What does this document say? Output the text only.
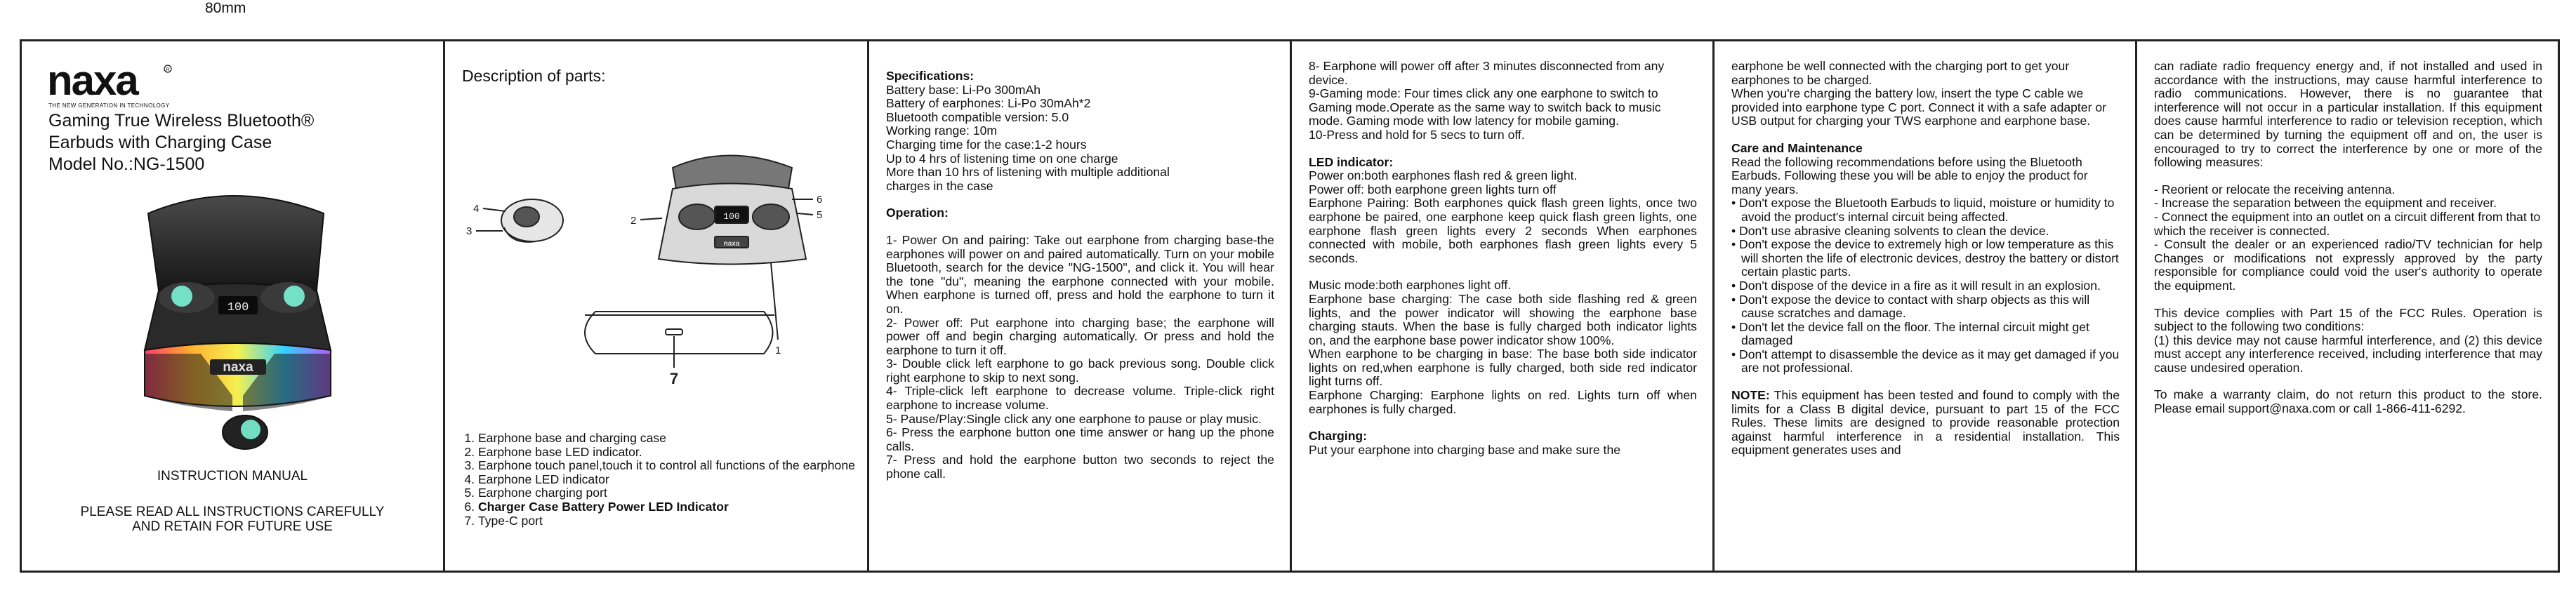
80mm
naxa	R
THE NEW GENERATION IN TECHNOLOGY
Gaming True Wireless Bluetooth®
Earbuds with Charging Case
Model No.:NG-1500
100
naxa
INSTRUCTION MANUAL
PLEASE READ ALL INSTRUCTIONS CAREFULLY
AND RETAIN FOR FUTURE USE
Description of parts:
100
naxa
1
2
3
4
5
6
7
1. Earphone base and charging case
2. Earphone base LED indicator.
3. Earphone touch panel,touch it to control all functions of the earphone
4. Earphone LED indicator
5. Earphone charging port
6. Charger Case Battery Power LED Indicator
7. Type-C port

Specifications:

Battery base: Li-Po 300mAh

Battery of earphones: Li-Po 30mAh*2

Bluetooth compatible version: 5.0

Working range: 10m

Charging time for the case:1-2 hours

Up to 4 hrs of listening time on one charge

More than 10 hrs of listening with multiple additional

charges in the case

Operation:

1- Power On and pairing: Take out earphone from charging base-the earphones will power on and paired automatically. Turn on your mobile Bluetooth, search for the device "NG-1500", and click it. You will hear the tone "du", meaning the earphone connected with your mobile. When earphone is turned off, press and hold the earphone to turn it on.

2- Power off: Put earphone into charging base; the earphone will power off and begin charging automatically. Or press and hold the earphone to turn it off.

3- Double click left earphone to go back previous song. Double click right earphone to skip to next song.

4- Triple-click left earphone to decrease volume. Triple-click right earphone to increase volume.

5- Pause/Play:Single click any one earphone to pause or play music.

6- Press the earphone button one time answer or hang up the phone calls.

7- Press and hold the earphone button two seconds to reject the phone call.

8- Earphone will power off after 3 minutes disconnected from any device.

9-Gaming mode: Four times click any one earphone to switch to Gaming mode.Operate as the same way to switch back to music mode. Gaming mode with low latency for mobile gaming.

10-Press and hold for 5 secs to turn off.

LED indicator:

Power on:both earphones flash red & green light.

Power off: both earphone green lights turn off

Earphone Pairing: Both earphones quick flash green lights, once two earphone be paired, one earphone keep quick flash green lights, one earphone flash green lights every 2 seconds When earphones connected with mobile, both earphones flash green lights every 5 seconds.

Music mode:both earphones light off.

Earphone base charging: The case both side flashing red & green lights, and the power indicator will showing the earphone base charging stauts. When the base is fully charged both indicator lights on, and the earphone base power indicator show 100%.

When earphone to be charging in base: The base both side indicator lights on red,when earphone is fully charged, both side red indicator light turns off.

Earphone Charging: Earphone lights on red. Lights turn off when earphones is fully charged.

Charging:

Put your earphone into charging base and make sure the

earphone be well connected with the charging port to get your earphones to be charged.

When you're charging the battery low, insert the type C cable we provided into earphone type C port. Connect it with a safe adapter or USB output for charging your TWS earphone and earphone base.

Care and Maintenance

Read the following recommendations before using the Bluetooth Earbuds. Following these you will be able to enjoy the product for many years.

• Don't expose the Bluetooth Earbuds to liquid, moisture or humidity to avoid the product's internal circuit being affected.

• Don't use abrasive cleaning solvents to clean the device.

• Don't expose the device to extremely high or low temperature as this will shorten the life of electronic devices, destroy the battery or distort certain plastic parts.

• Don't dispose of the device in a fire as it will result in an explosion.

• Don't expose the device to contact with sharp objects as this will cause scratches and damage.

• Don't let the device fall on the floor. The internal circuit might get damaged

• Don't attempt to disassemble the device as it may get damaged if you are not professional.

NOTE: This equipment has been tested and found to comply with the limits for a Class B digital device, pursuant to part 15 of the FCC Rules. These limits are designed to provide reasonable protection against harmful interference in a residential installation. This equipment generates uses and

can radiate radio frequency energy and, if not installed and used in accordance with the instructions, may cause harmful interference to radio communications. However, there is no guarantee that interference will not occur in a particular installation. If this equipment does cause harmful interference to radio or television reception, which can be determined by turning the equipment off and on, the user is encouraged to try to correct the interference by one or more of the following measures:

- Reorient or relocate the receiving antenna.

- Increase the separation between the equipment and receiver.

- Connect the equipment into an outlet on a circuit different from that to which the receiver is connected.

- Consult the dealer or an experienced radio/TV technician for help Changes or modifications not expressly approved by the party responsible for compliance could void the user's authority to operate the equipment.

This device complies with Part 15 of the FCC Rules. Operation is subject to the following two conditions:

(1) this device may not cause harmful interference, and (2) this device must accept any interference received, including interference that may cause undesired operation.

To make a warranty claim, do not return this product to the store. Please email support@naxa.com or call 1-866-411-6292.
